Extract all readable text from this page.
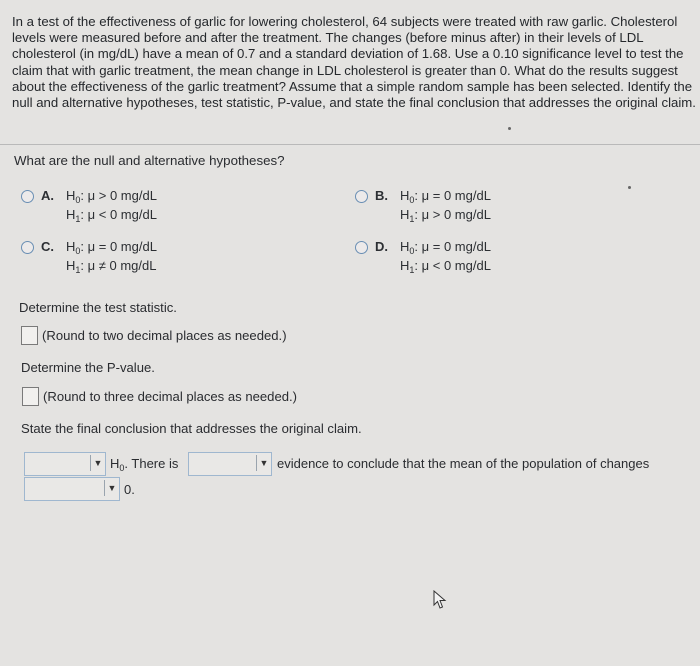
In a test of the effectiveness of garlic for lowering cholesterol, 64 subjects were treated with raw garlic. Cholesterol levels were measured before and after the treatment. The changes (before minus after) in their levels of LDL cholesterol (in mg/dL) have a mean of 0.7 and a standard deviation of 1.68. Use a 0.10 significance level to test the claim that with garlic treatment, the mean change in LDL cholesterol is greater than 0. What do the results suggest about the effectiveness of the garlic treatment? Assume that a simple random sample has been selected. Identify the null and alternative hypotheses, test statistic, P-value, and state the final conclusion that addresses the original claim.
What are the null and alternative hypotheses?
A. $H_0$: μ > 0 mg/dL
$H_1$: μ < 0 mg/dL
B. $H_0$: μ = 0 mg/dL
$H_1$: μ > 0 mg/dL
C. $H_0$: μ = 0 mg/dL
$H_1$: μ ≠ 0 mg/dL
D. $H_0$: μ = 0 mg/dL
$H_1$: μ < 0 mg/dL
Determine the test statistic.
(Round to two decimal places as needed.)
Determine the P-value.
(Round to three decimal places as needed.)
State the final conclusion that addresses the original claim.
▼ $H_0$. There is	▼ evidence to conclude that the mean of the population of changes
▼ 0.
